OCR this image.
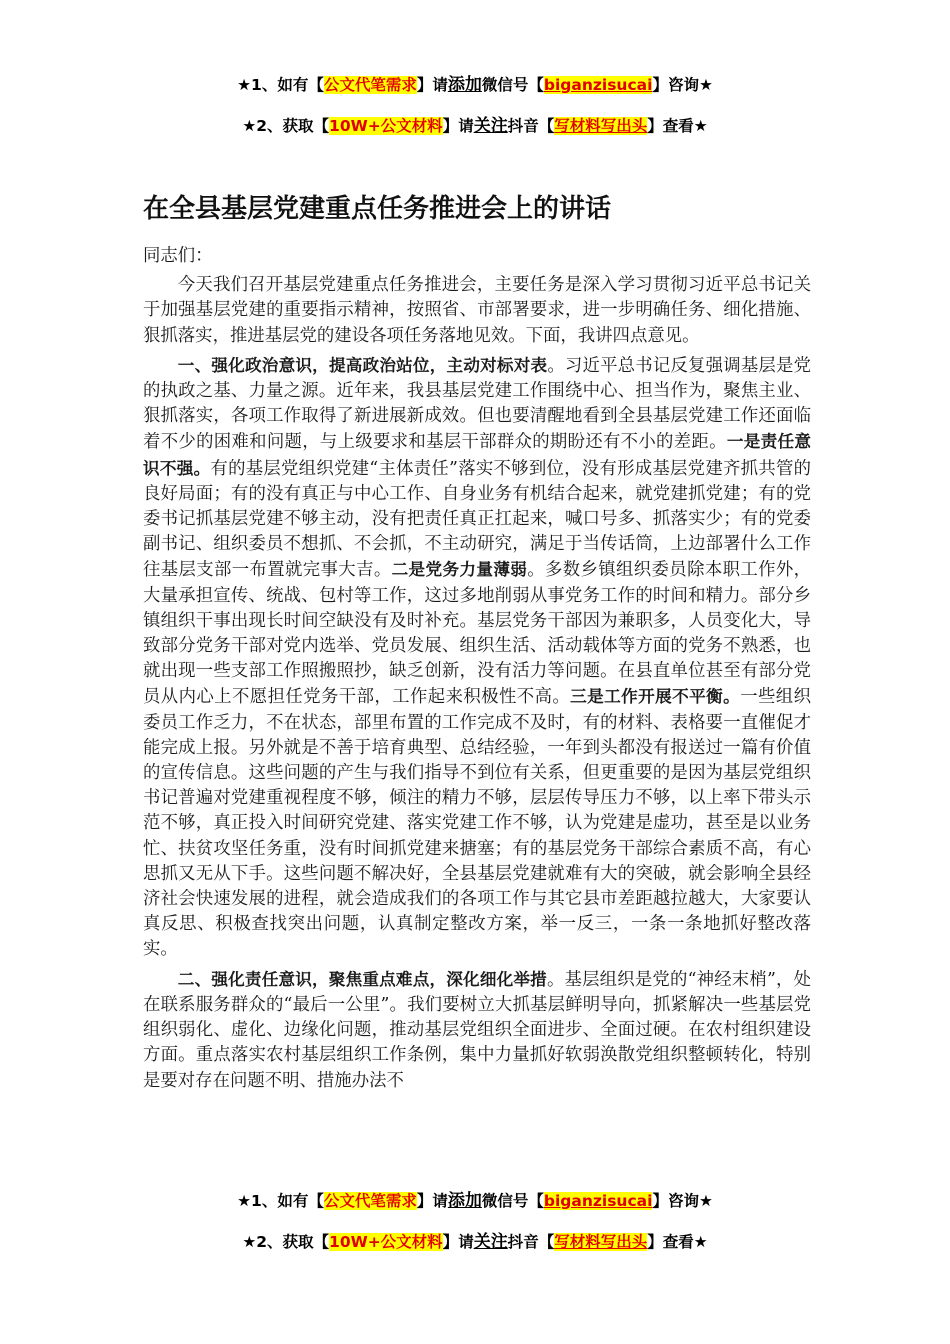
★1、如有【公文代笔需求】请添加微信号【biganzisucai】咨询★
★2、获取【10W+公文材料】请关注抖音【写材料写出头】查看★
在全县基层党建重点任务推进会上的讲话

同志们：

今天我们召开基层党建重点任务推进会，主要任务是深入学习贯彻习近平总书记关于加强基层党建的重要指示精神，按照省、市部署要求，进一步明确任务、细化措施、狠抓落实，推进基层党的建设各项任务落地见效。下面，我讲四点意见。

一、强化政治意识，提高政治站位，主动对标对表。习近平总书记反复强调基层是党的执政之基、力量之源。近年来，我县基层党建工作围绕中心、担当作为，聚焦主业、狠抓落实，各项工作取得了新进展新成效。但也要清醒地看到全县基层党建工作还面临着不少的困难和问题，与上级要求和基层干部群众的期盼还有不小的差距。一是责任意识不强。有的基层党组织党建“主体责任”落实不够到位，没有形成基层党建齐抓共管的良好局面；有的没有真正与中心工作、自身业务有机结合起来，就党建抓党建；有的党委书记抓基层党建不够主动，没有把责任真正扛起来，喊口号多、抓落实少；有的党委副书记、组织委员不想抓、不会抓，不主动研究，满足于当传话筒，上边部署什么工作往基层支部一布置就完事大吉。二是党务力量薄弱。多数乡镇组织委员除本职工作外，大量承担宣传、统战、包村等工作，这过多地削弱从事党务工作的时间和精力。部分乡镇组织干事出现长时间空缺没有及时补充。基层党务干部因为兼职多，人员变化大，导致部分党务干部对党内选举、党员发展、组织生活、活动载体等方面的党务不熟悉，也就出现一些支部工作照搬照抄，缺乏创新，没有活力等问题。在县直单位甚至有部分党员从内心上不愿担任党务干部，工作起来积极性不高。三是工作开展不平衡。一些组织委员工作乏力，不在状态，部里布置的工作完成不及时，有的材料、表格要一直催促才能完成上报。另外就是不善于培育典型、总结经验，一年到头都没有报送过一篇有价值的宣传信息。这些问题的产生与我们指导不到位有关系，但更重要的是因为基层党组织书记普遍对党建重视程度不够，倾注的精力不够，层层传导压力不够，以上率下带头示范不够，真正投入时间研究党建、落实党建工作不够，认为党建是虚功，甚至是以业务忙、扶贫攻坚任务重，没有时间抓党建来搪塞；有的基层党务干部综合素质不高，有心思抓又无从下手。这些问题不解决好，全县基层党建就难有大的突破，就会影响全县经济社会快速发展的进程，就会造成我们的各项工作与其它县市差距越拉越大，大家要认真反思、积极查找突出问题，认真制定整改方案，举一反三，一条一条地抓好整改落实。

二、强化责任意识，聚焦重点难点，深化细化举措。基层组织是党的“神经末梢”，处在联系服务群众的“最后一公里”。我们要树立大抓基层鲜明导向，抓紧解决一些基层党组织弱化、虚化、边缘化问题，推动基层党组织全面进步、全面过硬。在农村组织建设方面。重点落实农村基层组织工作条例，集中力量抓好软弱涣散党组织整顿转化，特别是要对存在问题不明、措施办法不

★1、如有【公文代笔需求】请添加微信号【biganzisucai】咨询★
★2、获取【10W+公文材料】请关注抖音【写材料写出头】查看★
